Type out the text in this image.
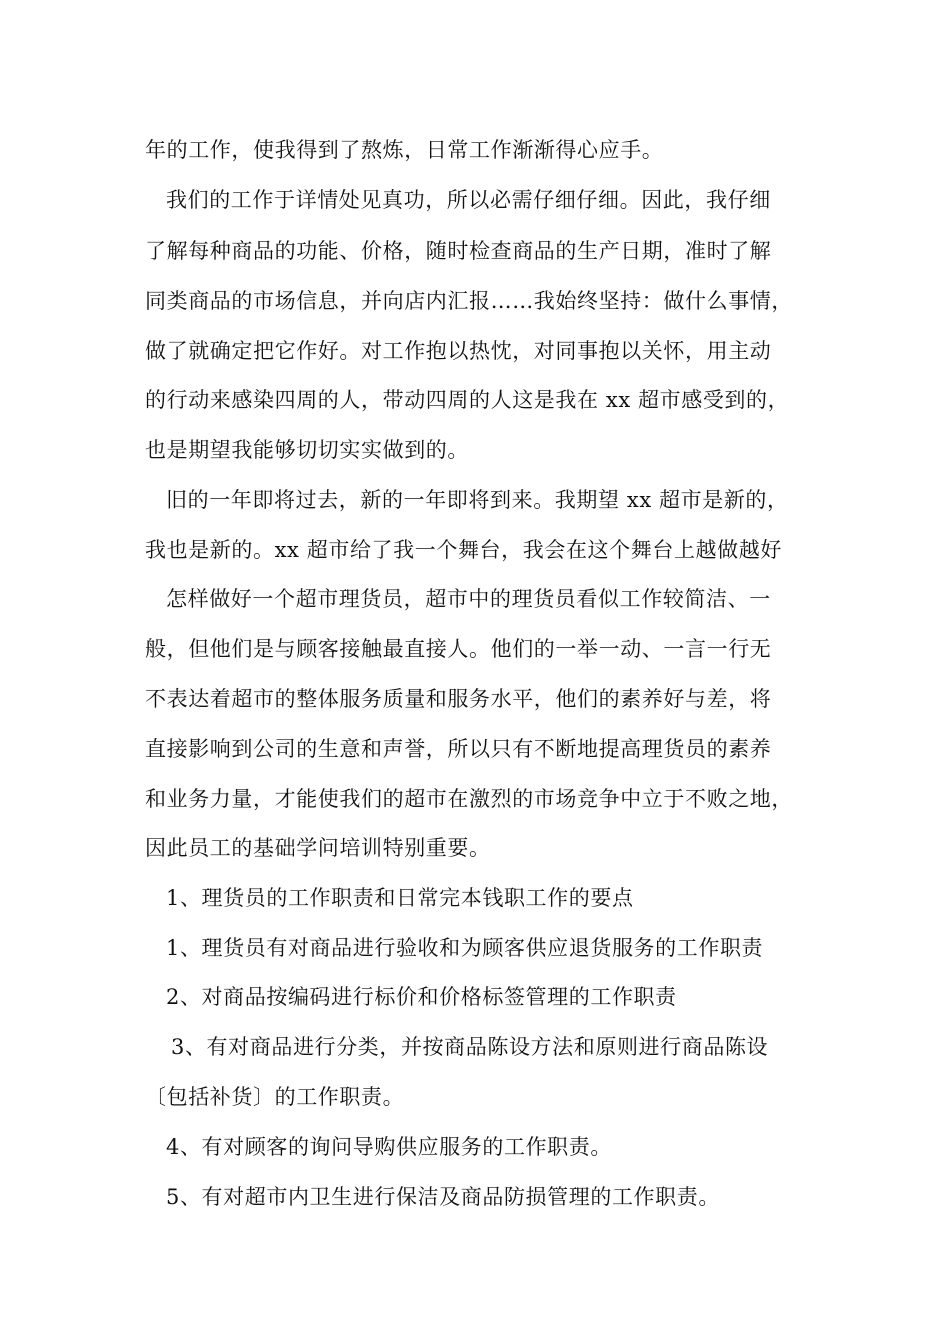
年的工作，使我得到了熬炼，日常工作渐渐得心应手。
我们的工作于详情处见真功，所以必需仔细仔细。因此，我仔细
了解每种商品的功能、价格，随时检查商品的生产日期，准时了解
同类商品的市场信息，并向店内汇报……我始终坚持：做什么事情，
做了就确定把它作好。对工作抱以热忱，对同事抱以关怀，用主动
的行动来感染四周的人，带动四周的人这是我在 xx 超市感受到的，
也是期望我能够切切实实做到的。
旧的一年即将过去，新的一年即将到来。我期望 xx 超市是新的，
我也是新的。xx 超市给了我一个舞台，我会在这个舞台上越做越好
怎样做好一个超市理货员，超市中的理货员看似工作较简洁、一
般，但他们是与顾客接触最直接人。他们的一举一动、一言一行无
不表达着超市的整体服务质量和服务水平，他们的素养好与差，将
直接影响到公司的生意和声誉，所以只有不断地提高理货员的素养
和业务力量，才能使我们的超市在激烈的市场竞争中立于不败之地，
因此员工的基础学问培训特别重要。
1、理货员的工作职责和日常完本钱职工作的要点
1、理货员有对商品进行验收和为顾客供应退货服务的工作职责
2、对商品按编码进行标价和价格标签管理的工作职责
3、有对商品进行分类，并按商品陈设方法和原则进行商品陈设
〔包括补货〕的工作职责。
4、有对顾客的询问导购供应服务的工作职责。
5、有对超市内卫生进行保洁及商品防损管理的工作职责。
